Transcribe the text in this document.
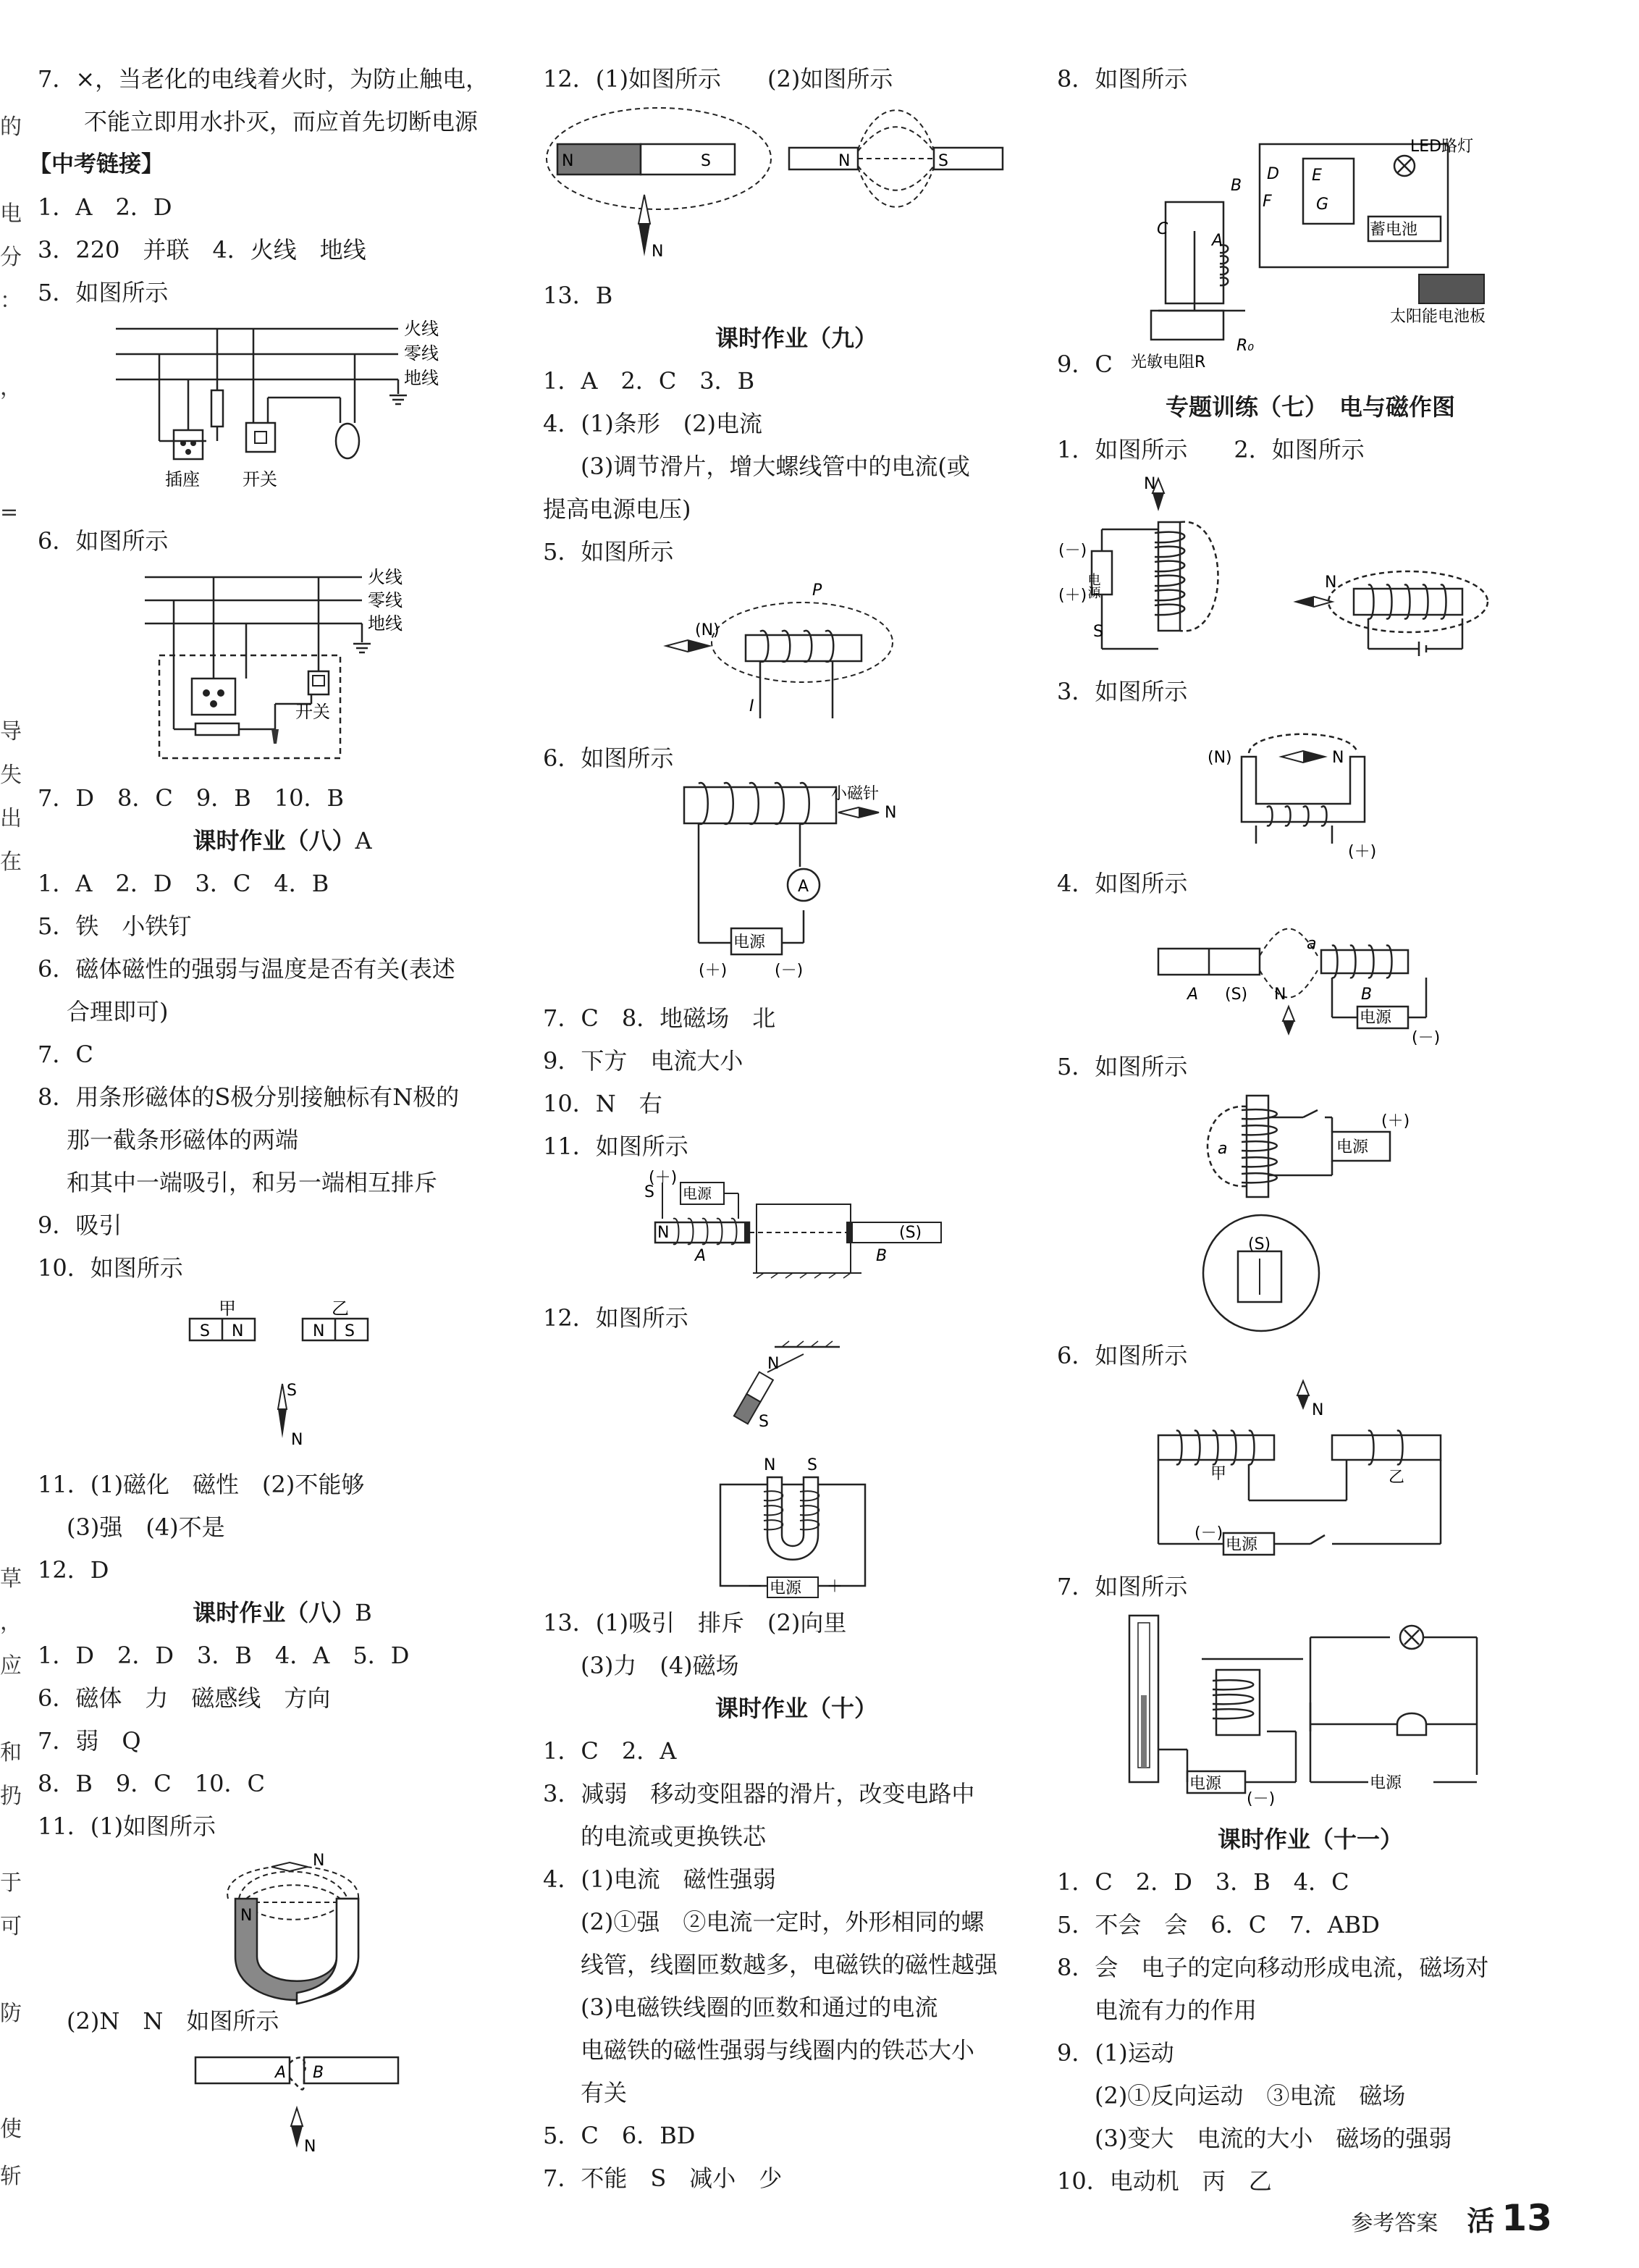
的
电
分
：
，
=
导
失
出
在
草
，
应
和
扔
于
可
防
使
斩
7．×，当老化的电线着火时，为防止触电，
不能立即用水扑灭，而应首先切断电源
【中考链接】
1．A　2．D
3．220　并联　4．火线　地线
5．如图所示
火线
零线
地线
插座 开关
6．如图所示
火线
零线
地线
开关
7．D　8．C　9．B　10．B
课时作业（八）A
1．A　2．D　3．C　4．B
5．铁　小铁钉
6．磁体磁性的强弱与温度是否有关(表述
合理即可)
7．C
8．用条形磁体的S极分别接触标有N极的
那一截条形磁体的两端
和其中一端吸引，和另一端相互排斥
9．吸引
10．如图所示
甲	乙
S N	N S
S
N
11．(1)磁化　磁性　(2)不能够
(3)强　(4)不是
12．D
课时作业（八）B
1．D　2．D　3．B　4．A　5．D
6．磁体　力　磁感线　方向
7．弱　Q
8．B　9．C　10．C
11．(1)如图所示
N
N
(2)N　N　如图所示
A B
N
12．(1)如图所示　　(2)如图所示
N	S
N
N	S
13．B
课时作业（九）
1．A　2．C　3．B
4．(1)条形　(2)电流
(3)调节滑片，增大螺线管中的电流(或
提高电源电压)
5．如图所示
P
(N)
I
6．如图所示
A
电源
(＋)	(－)
小磁针
N
7．C　8．地磁场　北
9．下方　电流大小
10．N　右
11．如图所示
(＋)
电源
S
N
A	B
(S)
12．如图所示
N
S
N S
电源
－	＋
13．(1)吸引　排斥　(2)向里
(3)力　(4)磁场
课时作业（十）
1．C　2．A
3．减弱　移动变阻器的滑片，改变电路中
的电流或更换铁芯
4．(1)电流　磁性强弱
(2)①强　②电流一定时，外形相同的螺
线管，线圈匝数越多，电磁铁的磁性越强
(3)电磁铁线圈的匝数和通过的电流
电磁铁的磁性强弱与线圈内的铁芯大小
有关
5．C　6．BD
7．不能　S　减小　少
8．如图所示
LED路灯
蓄电池
太阳能电池板
光敏电阻R
R₀
B
A
C
D E
F	G
9．C
专题训练（七）　电与磁作图
1．如图所示　　2．如图所示
N
(－)
(＋)
电源
S
N
3．如图所示
N
(N)
(＋)
4．如图所示
A (S)
a
N
电源
B
(－)
5．如图所示
a
(＋)
电源
(S)
6．如图所示
N
甲	乙
(－)
电源
7．如图所示
电源
(－)
电源
课时作业（十一）
1．C　2．D　3．B　4．C
5．不会　会　6．C　7．ABD
8．会　电子的定向移动形成电流，磁场对
电流有力的作用
9．(1)运动
(2)①反向运动　③电流　磁场
(3)变大　电流的大小　磁场的强弱
10．电动机　丙　乙
参考答案 活 13
